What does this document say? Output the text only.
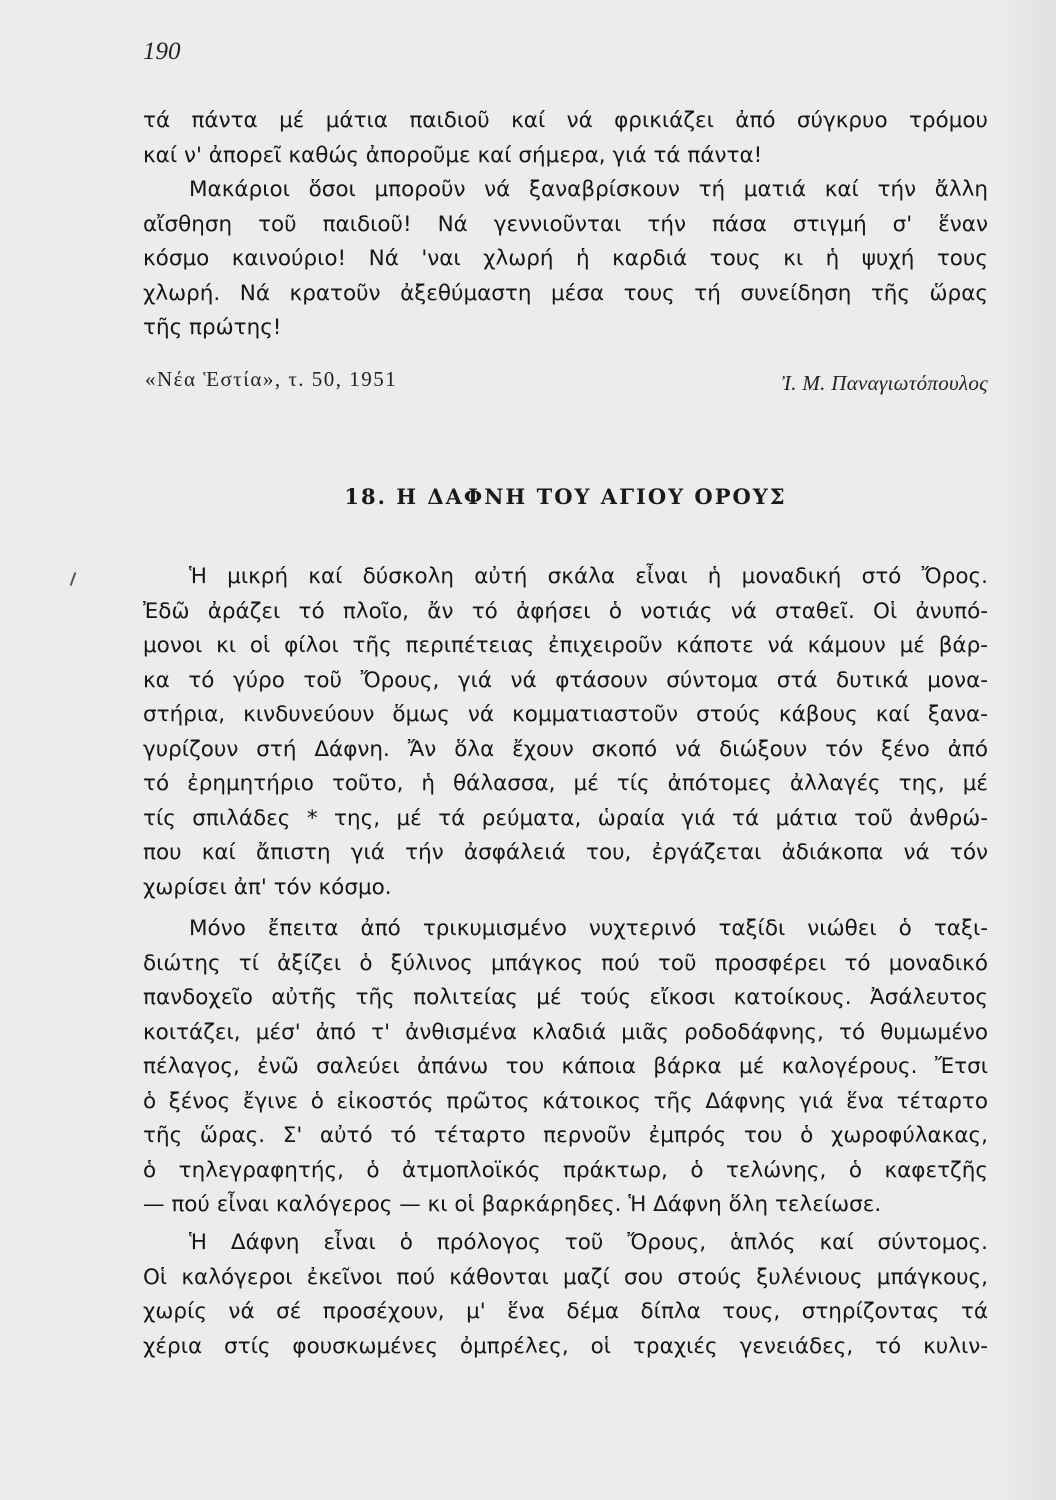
190
τά πάντα μέ μάτια παιδιοῦ καί νά φρικιάζει ἀπό σύγκρυο τρόμου
καί ν' ἀπορεῖ καθώς ἀποροῦμε καί σήμερα, γιά τά πάντα!
Μακάριοι ὅσοι μποροῦν νά ξαναβρίσκουν τή ματιά καί τήν ἄλλη
αἴσθηση τοῦ παιδιοῦ! Νά γεννιοῦνται τήν πάσα στιγμή σ' ἕναν
κόσμο καινούριο! Νά 'ναι χλωρή ἡ καρδιά τους κι ἡ ψυχή τους
χλωρή. Νά κρατοῦν ἀξεθύμαστη μέσα τους τή συνείδηση τῆς ὥρας
τῆς πρώτης!
«Νέα Ἑστία», τ. 50, 1951	Ἰ. Μ. Παναγιωτόπουλος
18. Η ΔΑΦΝΗ ΤΟΥ ΑΓΙΟΥ ΟΡΟΥΣ
Ἡ μικρή καί δύσκολη αὐτή σκάλα εἶναι ἡ μοναδική στό Ὄρος.
Ἐδῶ ἀράζει τό πλοῖο, ἄν τό ἀφήσει ὁ νοτιάς νά σταθεῖ. Οἱ ἀνυπό-
μονοι κι οἱ φίλοι τῆς περιπέτειας ἐπιχειροῦν κάποτε νά κάμουν μέ βάρ-
κα τό γύρο τοῦ Ὄρους, γιά νά φτάσουν σύντομα στά δυτικά μονα-
στήρια, κινδυνεύουν ὅμως νά κομματιαστοῦν στούς κάβους καί ξανα-
γυρίζουν στή Δάφνη. Ἄν ὅλα ἔχουν σκοπό νά διώξουν τόν ξένο ἀπό
τό ἐρημητήριο τοῦτο, ἡ θάλασσα, μέ τίς ἀπότομες ἀλλαγές της, μέ
τίς σπιλάδες * της, μέ τά ρεύματα, ὡραία γιά τά μάτια τοῦ ἀνθρώ-
που καί ἄπιστη γιά τήν ἀσφάλειά του, ἐργάζεται ἀδιάκοπα νά τόν
χωρίσει ἀπ' τόν κόσμο.
Μόνο ἔπειτα ἀπό τρικυμισμένο νυχτερινό ταξίδι νιώθει ὁ ταξι-
διώτης τί ἀξίζει ὁ ξύλινος μπάγκος πού τοῦ προσφέρει τό μοναδικό
πανδοχεῖο αὐτῆς τῆς πολιτείας μέ τούς εἴκοσι κατοίκους. Ἀσάλευτος
κοιτάζει, μέσ' ἀπό τ' ἀνθισμένα κλαδιά μιᾶς ροδοδάφνης, τό θυμωμένο
πέλαγος, ἐνῶ σαλεύει ἀπάνω του κάποια βάρκα μέ καλογέρους. Ἔτσι
ὁ ξένος ἔγινε ὁ εἰκοστός πρῶτος κάτοικος τῆς Δάφνης γιά ἕνα τέταρτο
τῆς ὥρας. Σ' αὐτό τό τέταρτο περνοῦν ἐμπρός του ὁ χωροφύλακας,
ὁ τηλεγραφητής, ὁ ἀτμοπλοϊκός πράκτωρ, ὁ τελώνης, ὁ καφετζῆς
— πού εἶναι καλόγερος — κι οἱ βαρκάρηδες. Ἡ Δάφνη ὅλη τελείωσε.
Ἡ Δάφνη εἶναι ὁ πρόλογος τοῦ Ὄρους, ἁπλός καί σύντομος.
Οἱ καλόγεροι ἐκεῖνοι πού κάθονται μαζί σου στούς ξυλένιους μπάγκους,
χωρίς νά σέ προσέχουν, μ' ἕνα δέμα δίπλα τους, στηρίζοντας τά
χέρια στίς φουσκωμένες ὀμπρέλες, οἱ τραχιές γενειάδες, τό κυλιν-
